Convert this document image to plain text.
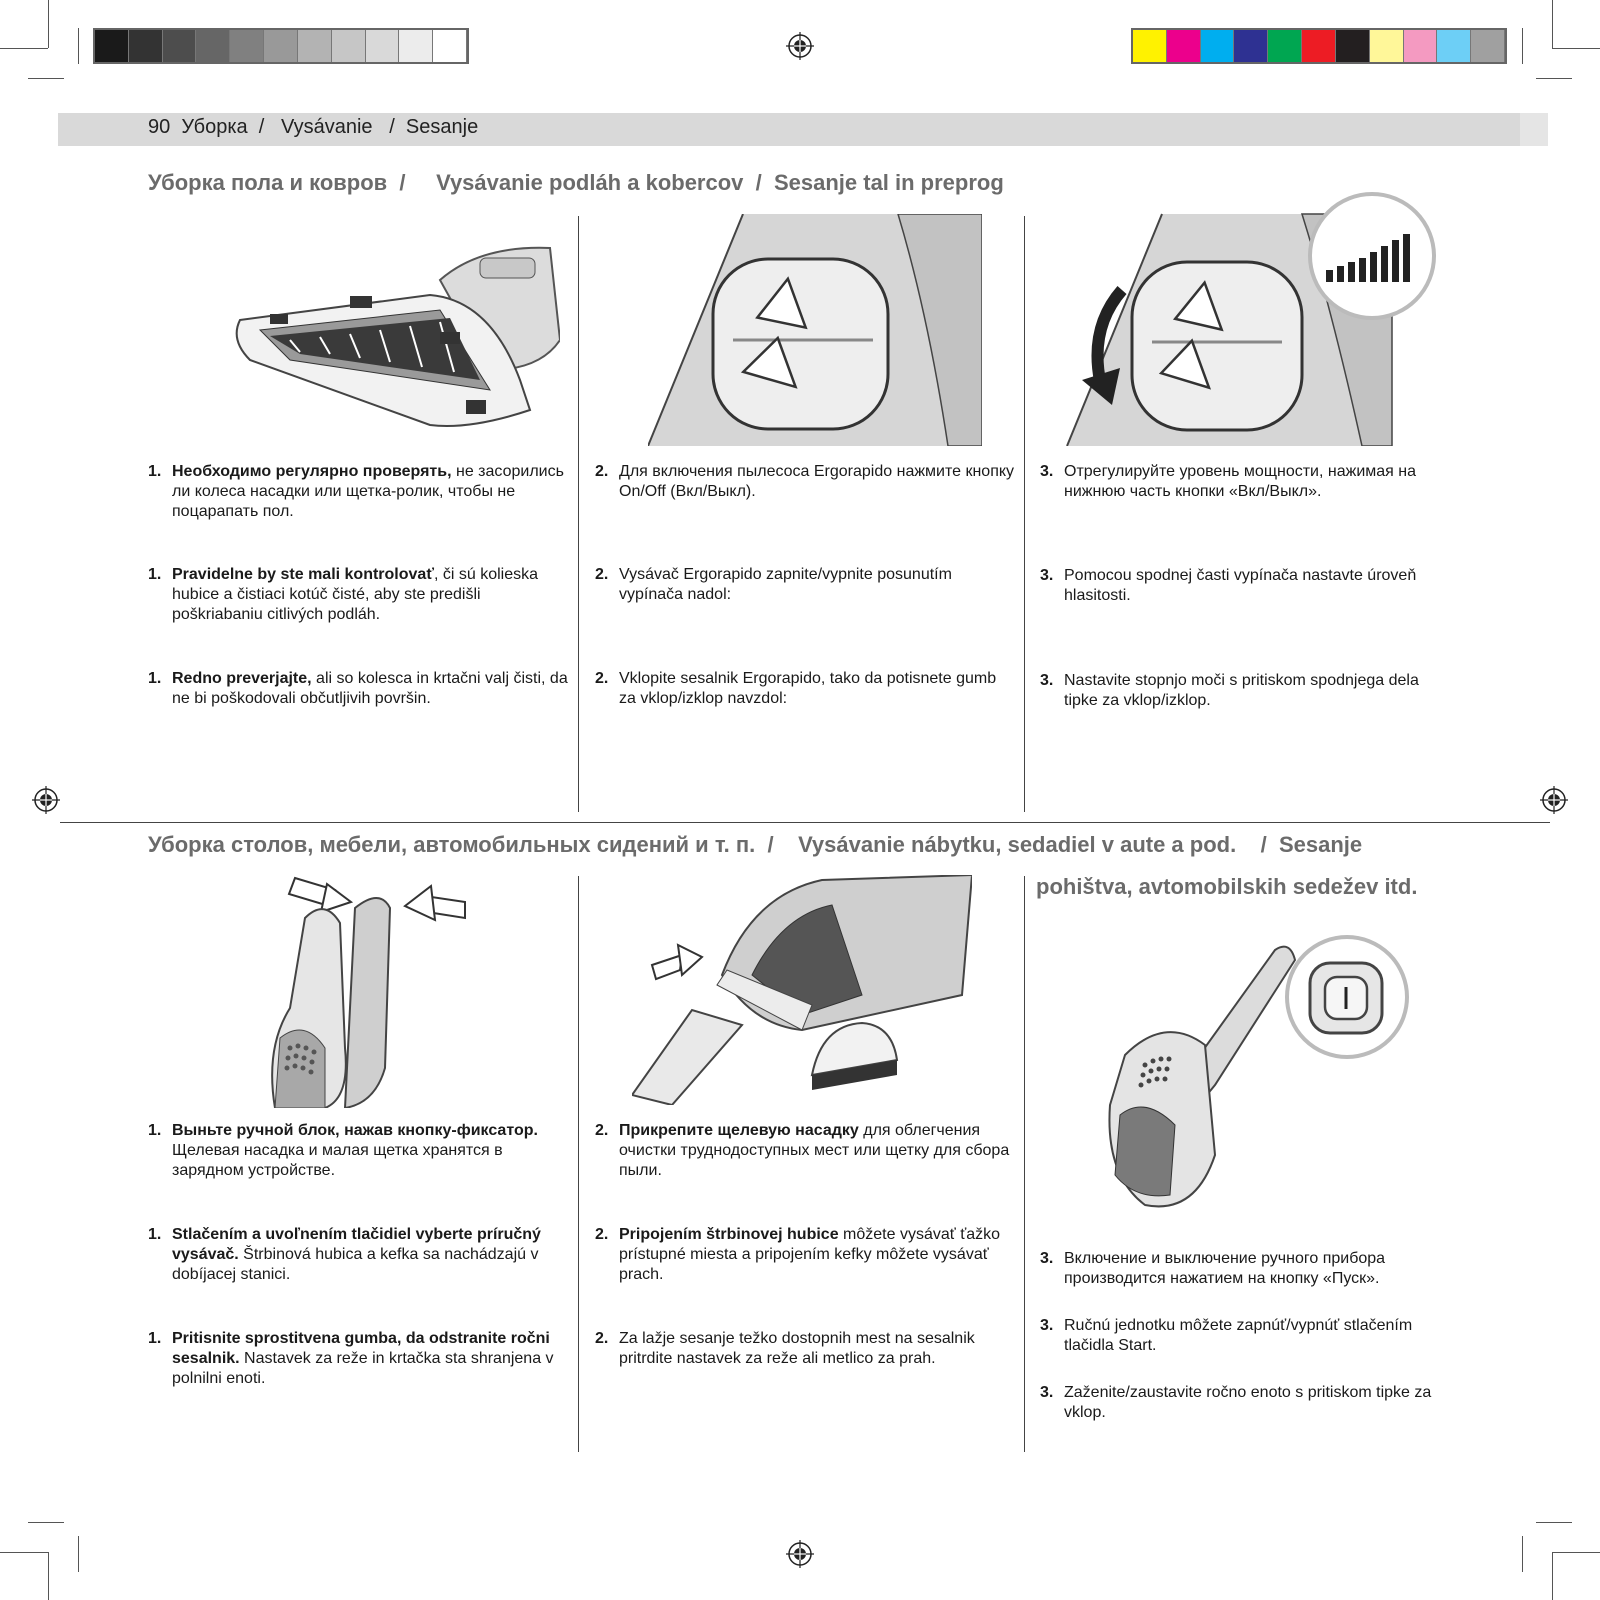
90 Уборка / Vysávanie / Sesanje
Уборка пола и ковров  /     Vysávanie podláh a kobercov  /  Sesanje tal in preprog
1. Необходимо регулярно проверять, не засорились ли колеса насадки или щетка-ролик, чтобы не поцарапать пол.
1. Pravidelne by ste mali kontrolovať, či sú kolieska hubice a čistiaci kotúč čisté, aby ste predišli poškriabaniu citlivých podláh.
1. Redno preverjajte, ali so kolesca in krtačni valj čisti, da ne bi poškodovali občutljivih površin.
2. Для включения пылесоса Ergorapido нажмите кнопку On/Off (Вкл/Выкл).
2. Vysávač Ergorapido zapnite/vypnite posunutím vypínača nadol:
2. Vklopite sesalnik Ergorapido, tako da potisnete gumb za vklop/izklop navzdol:
3. Отрегулируйте уровень мощности, нажимая на нижнюю часть кнопки «Вкл/Выкл».
3. Pomocou spodnej časti vypínača nastavte úroveň hlasitosti.
3. Nastavite stopnjo moči s pritiskom spodnjega dela tipke za vklop/izklop.
Уборка столов, мебели, автомобильных сидений и т. п.  /    Vysávanie nábytku, sedadiel v aute a pod.    /  Sesanje
pohištva, avtomobilskih sedežev itd.
1. Выньте ручной блок, нажав кнопку-фиксатор. Щелевая насадка и малая щетка хранятся в зарядном устройстве.
1. Stlačením a uvoľnením tlačidiel vyberte príručný vysávač. Štrbinová hubica a kefka sa nachádzajú v dobíjacej stanici.
1. Pritisnite sprostitvena gumba, da odstranite ročni sesalnik. Nastavek za reže in krtačka sta shranjena v polnilni enoti.
2. Прикрепите щелевую насадку для облегчения очистки труднодоступных мест или щетку для сбора пыли.
2. Pripojením štrbinovej hubice môžete vysávať ťažko prístupné miesta a pripojením kefky môžete vysávať prach.
2. Za lažje sesanje težko dostopnih mest na sesalnik pritrdite nastavek za reže ali metlico za prah.
3. Включение и выключение ручного прибора производится нажатием на кнопку «Пуск».
3. Ručnú jednotku môžete zapnúť/vypnúť stlačením tlačidla Start.
3. Zaženite/zaustavite ročno enoto s pritiskom tipke za vklop.
